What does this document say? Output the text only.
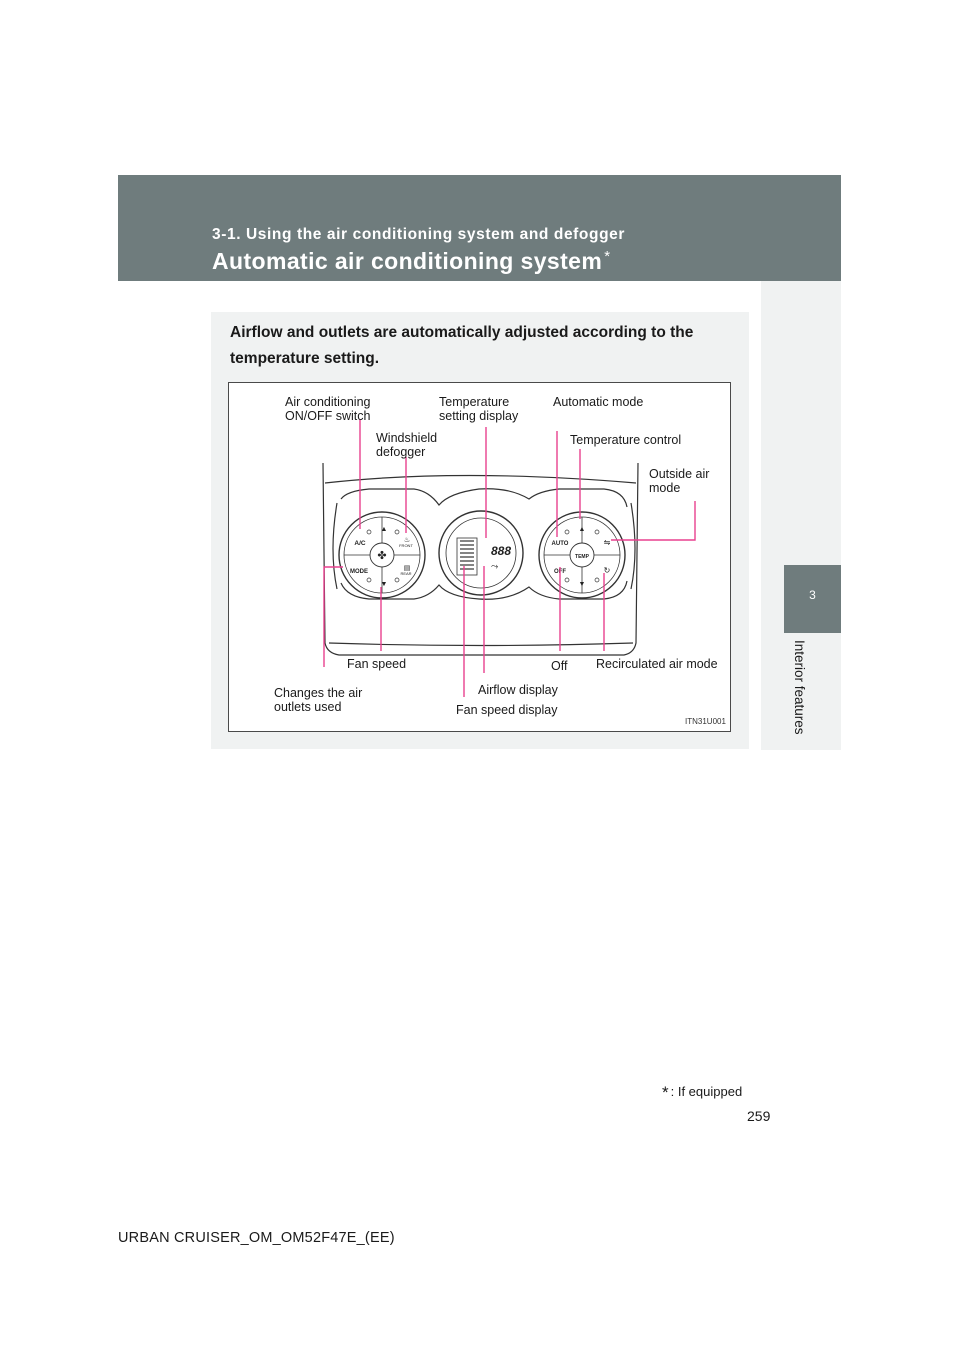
3-1. Using the air conditioning system and defogger
Automatic air conditioning system *
3
Interior features
Airflow and outlets are automatically adjusted according to the temperature setting.
✤
A/C
MODE
FRONT
REAR
♨
▤
▲
▼
888
⤳
TEMP
AUTO
OFF
⇋
↻
▲
▼
Air conditioning
ON/OFF switch
Temperature
setting display
Automatic mode
Windshield
defogger
Temperature control
Outside air
mode
Fan speed	Off Recirculated air mode
Airflow display
Changes the air
outlets used	Fan speed display
ITN31U001
* : If equipped
259
URBAN CRUISER_OM_OM52F47E_(EE)
